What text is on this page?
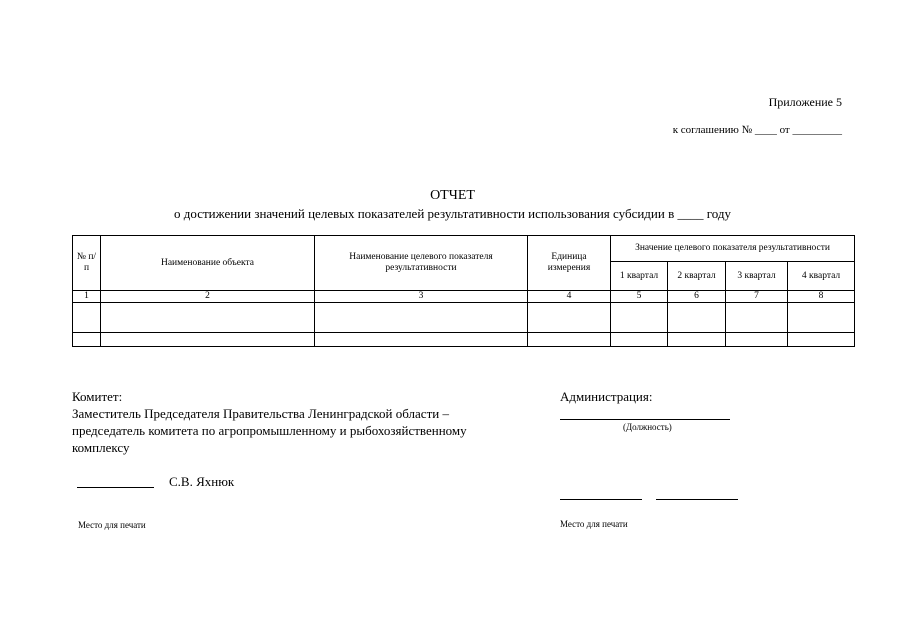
Приложение 5
к соглашению № ____ от _________
ОТЧЕТ
о достижении значений целевых показателей результативности использования субсидии в ____ году
№ п/п	Наименование объекта	Наименование целевого показателя результативности	Единица измерения	Значение целевого показателя результативности			
				1 квартал	2 квартал	3 квартал	4 квартал
1	2	3	4	5	6	7	8

Комитет:
Заместитель Председателя Правительства Ленинградской области – председатель комитета по агропромышленному и рыбохозяйственному комплексу
С.В. Яхнюк
Место для печати
Администрация:
(Должность)
Место для печати
